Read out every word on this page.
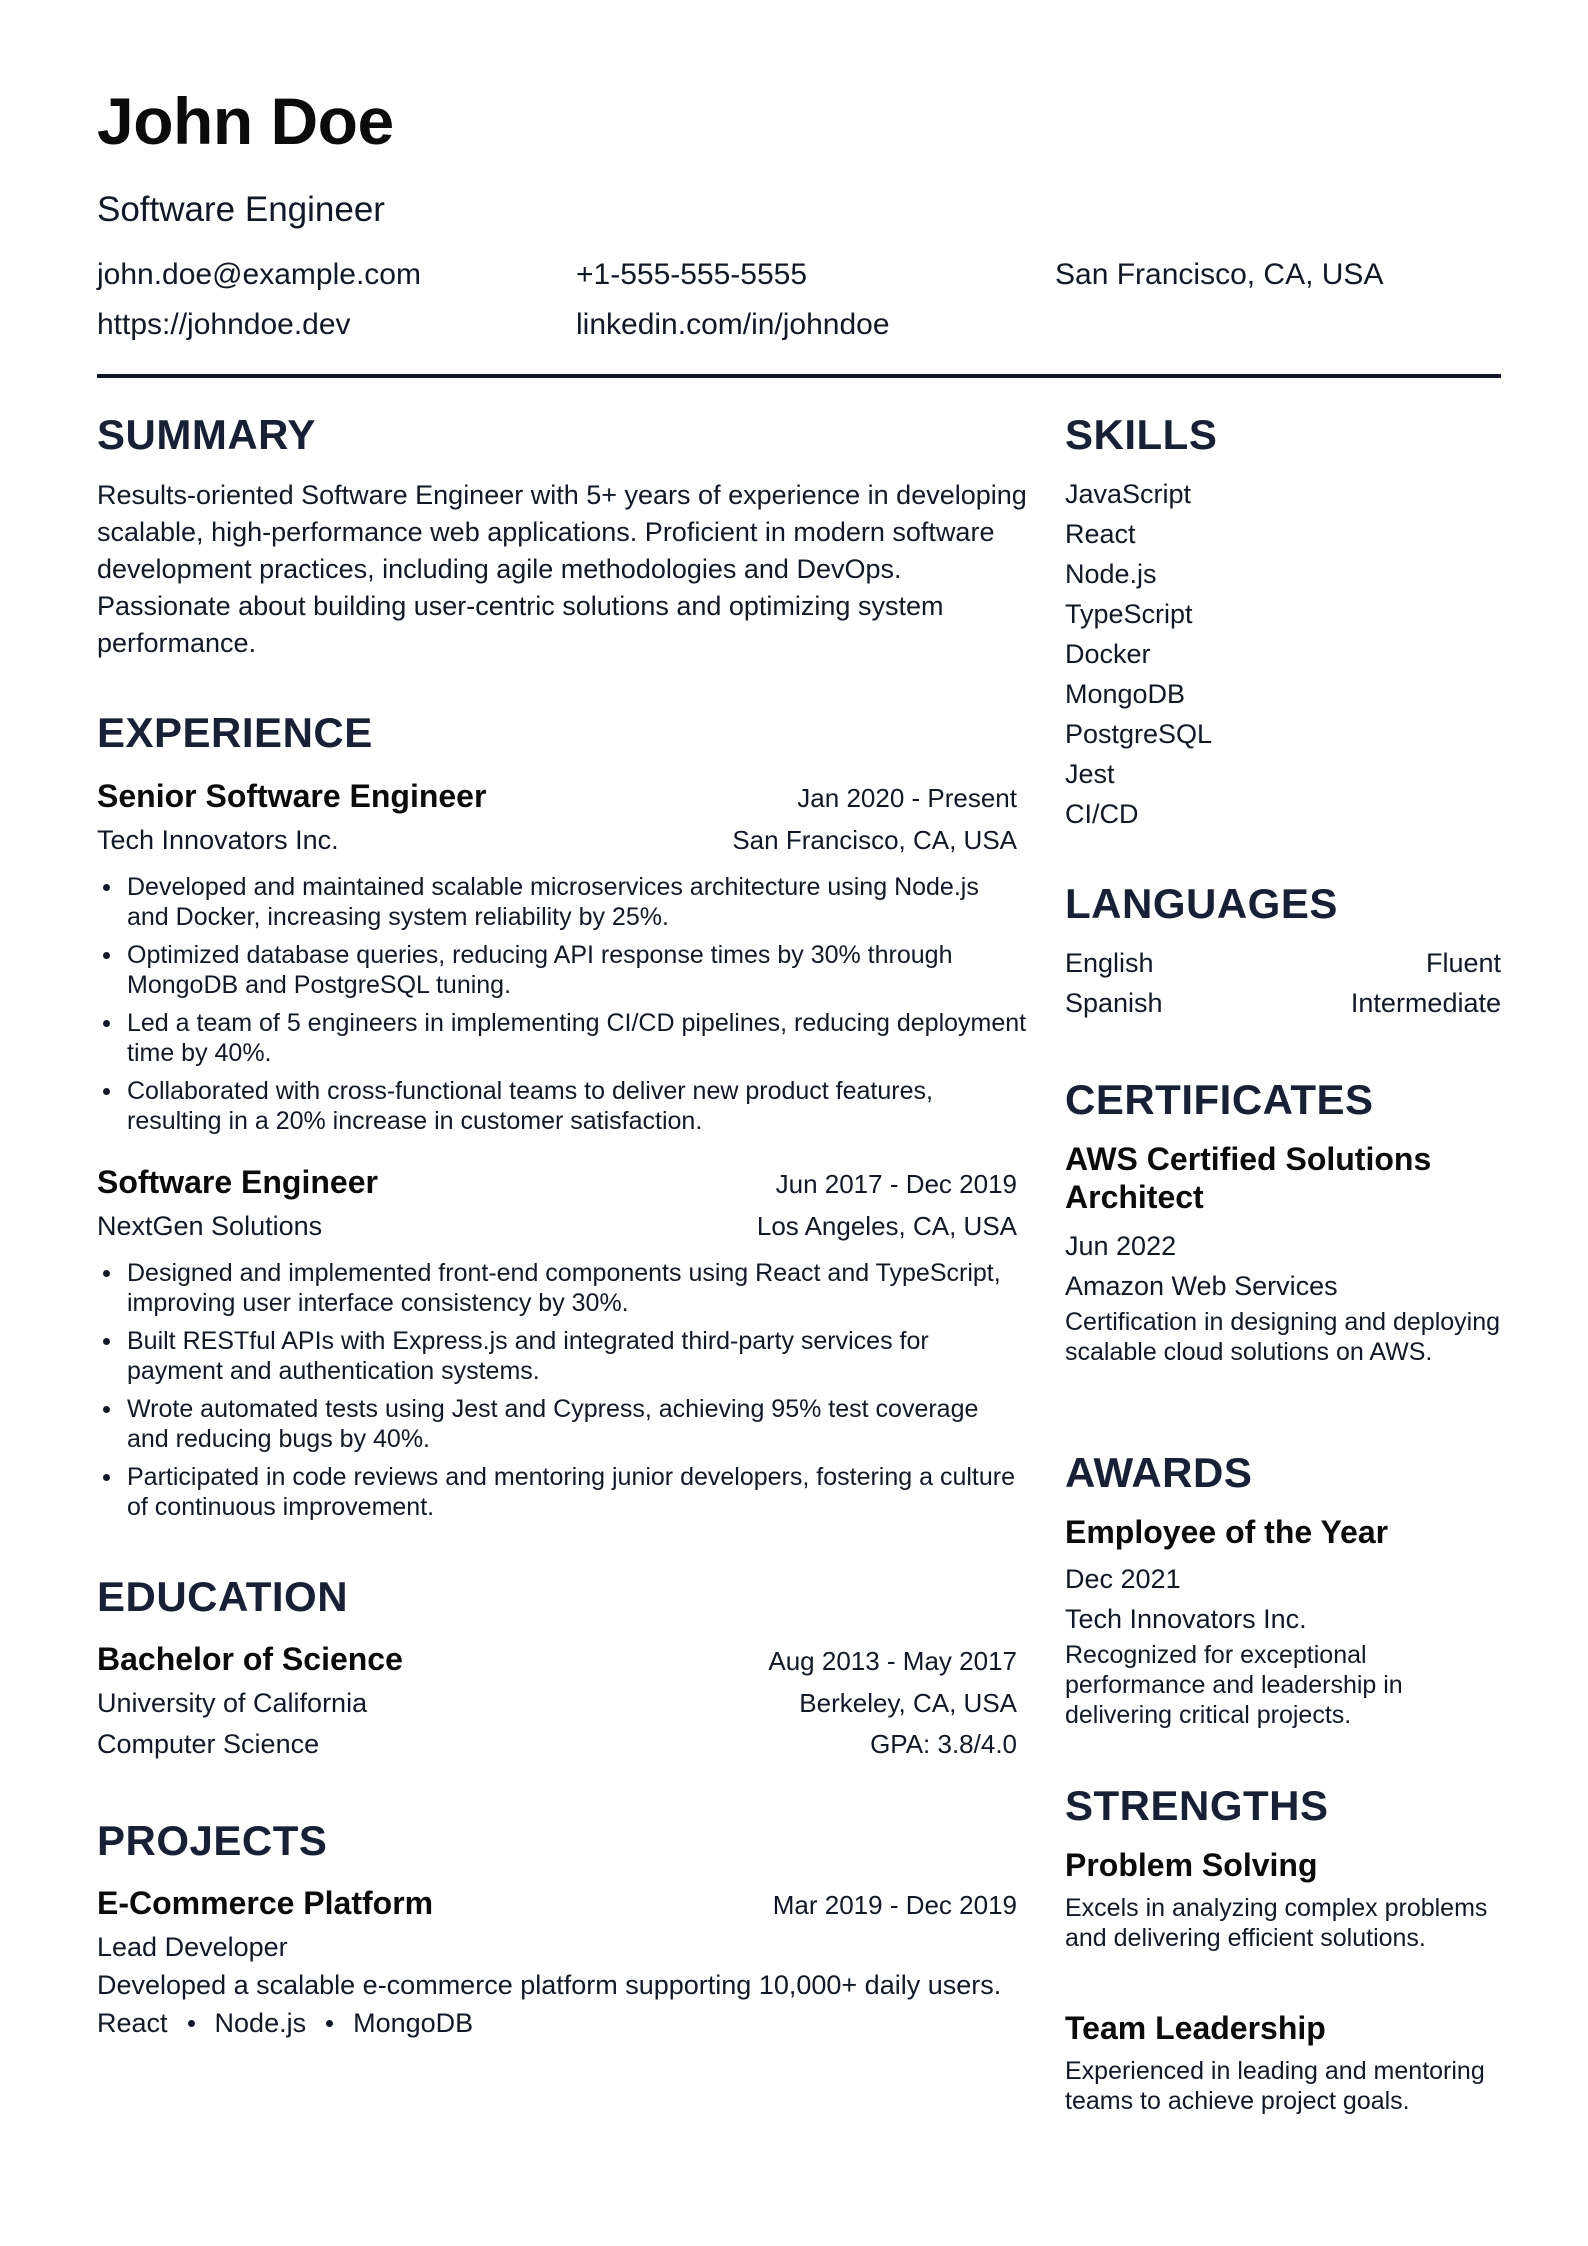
John Doe
Software Engineer
john.doe@example.com	+1-555-555-5555	San Francisco, CA, USA
https://johndoe.dev	linkedin.com/in/johndoe
SUMMARY
Results-oriented Software Engineer with 5+ years of experience in developing scalable, high-performance web applications. Proficient in modern software development practices, including agile methodologies and DevOps. Passionate about building user-centric solutions and optimizing system performance.
EXPERIENCE
Senior Software Engineer	Jan 2020 - Present
Tech Innovators Inc.	San Francisco, CA, USA
Developed and maintained scalable microservices architecture using Node.js and Docker, increasing system reliability by 25%.
Optimized database queries, reducing API response times by 30% through MongoDB and PostgreSQL tuning.
Led a team of 5 engineers in implementing CI/CD pipelines, reducing deployment time by 40%.
Collaborated with cross-functional teams to deliver new product features, resulting in a 20% increase in customer satisfaction.
Software Engineer	Jun 2017 - Dec 2019
NextGen Solutions	Los Angeles, CA, USA
Designed and implemented front-end components using React and TypeScript, improving user interface consistency by 30%.
Built RESTful APIs with Express.js and integrated third-party services for payment and authentication systems.
Wrote automated tests using Jest and Cypress, achieving 95% test coverage and reducing bugs by 40%.
Participated in code reviews and mentoring junior developers, fostering a culture of continuous improvement.
EDUCATION
Bachelor of Science	Aug 2013 - May 2017
University of California	Berkeley, CA, USA
Computer Science	GPA: 3.8/4.0
PROJECTS
E-Commerce Platform	Mar 2019 - Dec 2019
Lead Developer
Developed a scalable e-commerce platform supporting 10,000+ daily users.
React Node.js MongoDB
SKILLS
JavaScript
React
Node.js
TypeScript
Docker
MongoDB
PostgreSQL
Jest
CI/CD
LANGUAGES
English	Fluent
Spanish	Intermediate
CERTIFICATES
AWS Certified Solutions Architect
Jun 2022
Amazon Web Services
Certification in designing and deploying scalable cloud solutions on AWS.
AWARDS
Employee of the Year
Dec 2021
Tech Innovators Inc.
Recognized for exceptional performance and leadership in delivering critical projects.
STRENGTHS
Problem Solving
Excels in analyzing complex problems and delivering efficient solutions.
Team Leadership
Experienced in leading and mentoring teams to achieve project goals.
